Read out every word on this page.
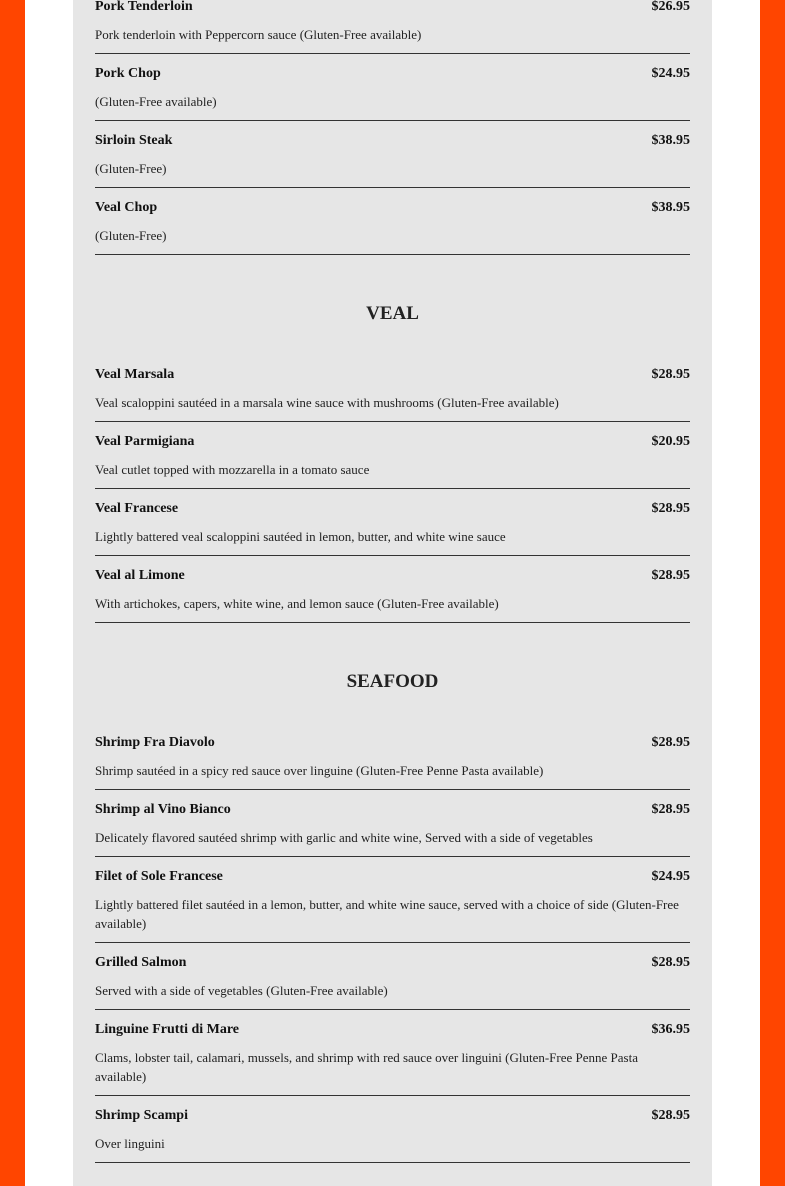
Pork Tenderloin	$26.95
Pork tenderloin with Peppercorn sauce (Gluten-Free available)
Pork Chop	$24.95
(Gluten-Free available)
Sirloin Steak	$38.95
(Gluten-Free)
Veal Chop	$38.95
(Gluten-Free)
VEAL
Veal Marsala	$28.95
Veal scaloppini sautéed in a marsala wine sauce with mushrooms (Gluten-Free available)
Veal Parmigiana	$20.95
Veal cutlet topped with mozzarella in a tomato sauce
Veal Francese	$28.95
Lightly battered veal scaloppini sautéed in lemon, butter, and white wine sauce
Veal al Limone	$28.95
With artichokes, capers, white wine, and lemon sauce (Gluten-Free available)
SEAFOOD
Shrimp Fra Diavolo	$28.95
Shrimp sautéed in a spicy red sauce over linguine (Gluten-Free Penne Pasta available)
Shrimp al Vino Bianco	$28.95
Delicately flavored sautéed shrimp with garlic and white wine, Served with a side of vegetables
Filet of Sole Francese	$24.95
Lightly battered filet sautéed in a lemon, butter, and white wine sauce, served with a choice of side (Gluten-Free available)
Grilled Salmon	$28.95
Served with a side of vegetables (Gluten-Free available)
Linguine Frutti di Mare	$36.95
Clams, lobster tail, calamari, mussels, and shrimp with red sauce over linguini (Gluten-Free Penne Pasta available)
Shrimp Scampi	$28.95
Over linguini
